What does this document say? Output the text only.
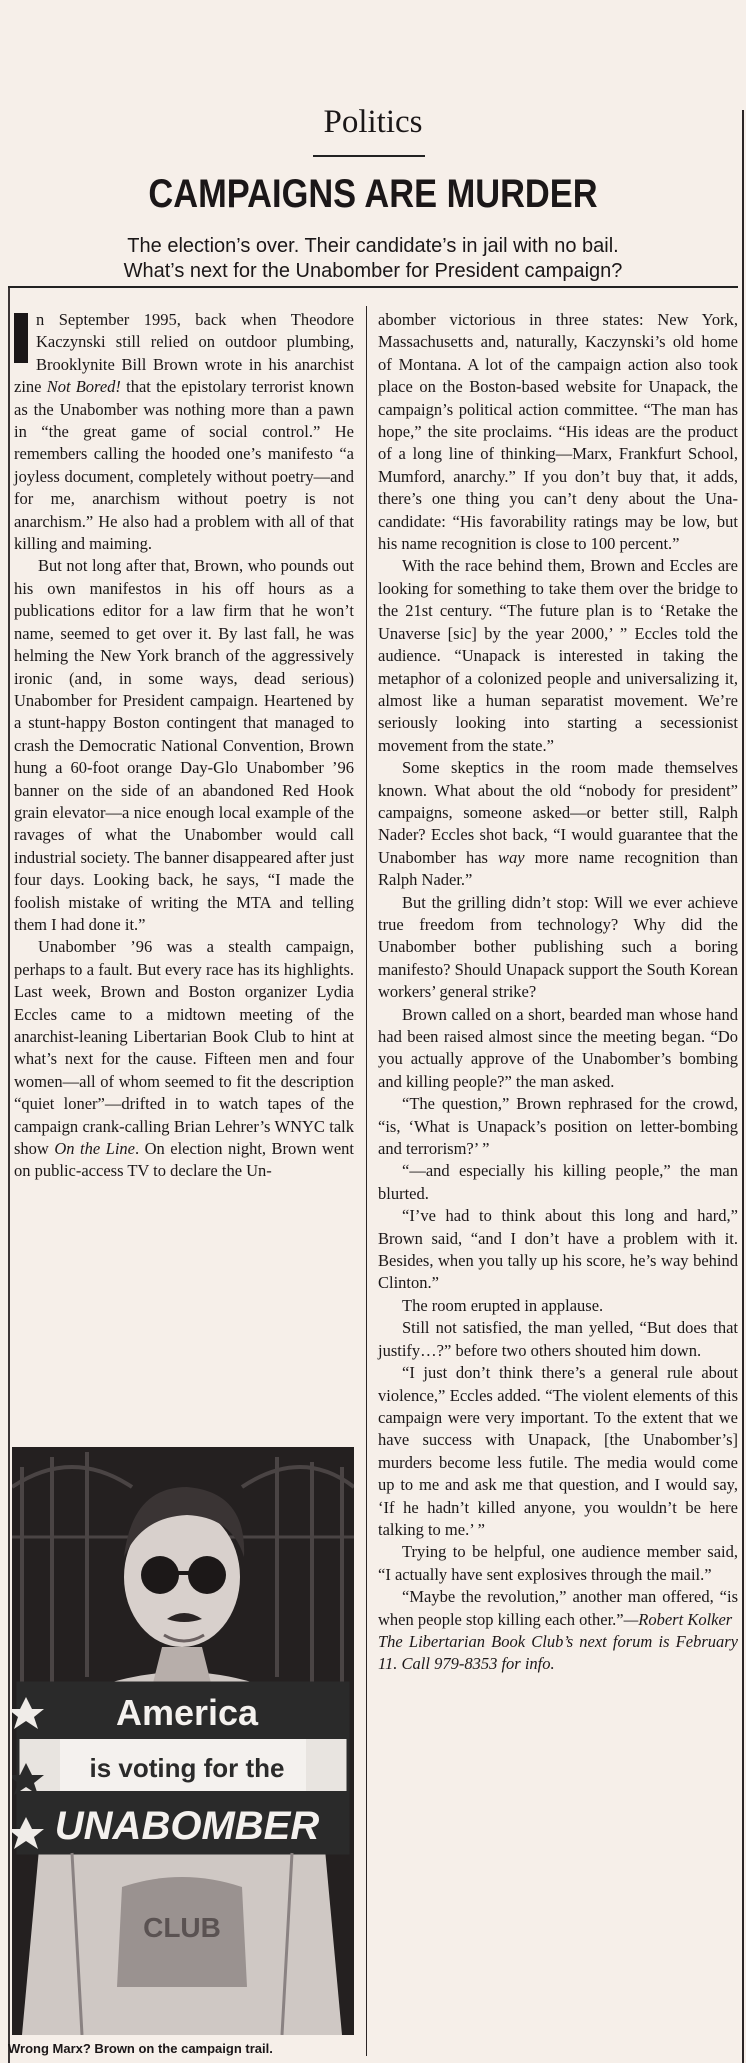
Politics
CAMPAIGNS ARE MURDER
The election’s over. Their candidate’s in jail with no bail.
What’s next for the Unabomber for President campaign?

n September 1995, back when Theodore Kaczynski still relied on outdoor plumbing, Brooklynite Bill Brown wrote in his anarchist zine Not Bored! that the epistolary terrorist known as the Unabomber was nothing more than a pawn in “the great game of social control.” He remembers calling the hooded one’s manifesto “a joyless document, completely without poetry—and for me, anarchism without poetry is not anarchism.” He also had a problem with all of that killing and maiming.

But not long after that, Brown, who pounds out his own manifestos in his off hours as a publications editor for a law firm that he won’t name, seemed to get over it. By last fall, he was helming the New York branch of the aggressively ironic (and, in some ways, dead serious) Unabomber for President campaign. Heartened by a stunt-happy Boston contingent that managed to crash the Democratic National Convention, Brown hung a 60-foot orange Day-Glo Unabomber ’96 banner on the side of an abandoned Red Hook grain elevator—a nice enough local example of the ravages of what the Unabomber would call industrial society. The banner disappeared after just four days. Looking back, he says, “I made the foolish mistake of writing the MTA and telling them I had done it.”

Unabomber ’96 was a stealth campaign, perhaps to a fault. But every race has its highlights. Last week, Brown and Boston organizer Lydia Eccles came to a midtown meeting of the anarchist-leaning Libertarian Book Club to hint at what’s next for the cause. Fifteen men and four women—all of whom seemed to fit the description “quiet loner”—drifted in to watch tapes of the campaign crank-calling Brian Lehrer’s WNYC talk show On the Line. On election night, Brown went on public-access TV to declare the Un-

America
is voting for the
UNABOMBER
CLUB
Wrong Marx? Brown on the campaign trail.

abomber victorious in three states: New York, Massachusetts and, naturally, Kaczynski’s old home of Montana. A lot of the campaign action also took place on the Boston-based website for Unapack, the campaign’s political action committee. “The man has hope,” the site proclaims. “His ideas are the product of a long line of thinking—Marx, Frankfurt School, Mumford, anarchy.” If you don’t buy that, it adds, there’s one thing you can’t deny about the Una-candidate: “His favorability ratings may be low, but his name recognition is close to 100 percent.”

With the race behind them, Brown and Eccles are looking for something to take them over the bridge to the 21st century. “The future plan is to ‘Retake the Unaverse [sic] by the year 2000,’ ” Eccles told the audience. “Unapack is interested in taking the metaphor of a colonized people and universalizing it, almost like a human separatist movement. We’re seriously looking into starting a secessionist movement from the state.”

Some skeptics in the room made themselves known. What about the old “nobody for president” campaigns, someone asked—or better still, Ralph Nader? Eccles shot back, “I would guarantee that the Unabomber has way more name recognition than Ralph Nader.”

But the grilling didn’t stop: Will we ever achieve true freedom from technology? Why did the Unabomber bother publishing such a boring manifesto? Should Unapack support the South Korean workers’ general strike?

Brown called on a short, bearded man whose hand had been raised almost since the meeting began. “Do you actually approve of the Unabomber’s bombing and killing people?” the man asked.

“The question,” Brown rephrased for the crowd, “is, ‘What is Unapack’s position on letter-bombing and terrorism?’ ”

“—and especially his killing people,” the man blurted.

“I’ve had to think about this long and hard,” Brown said, “and I don’t have a problem with it. Besides, when you tally up his score, he’s way behind Clinton.”

The room erupted in applause.

Still not satisfied, the man yelled, “But does that justify…?” before two others shouted him down.

“I just don’t think there’s a general rule about violence,” Eccles added. “The violent elements of this campaign were very important. To the extent that we have success with Unapack, [the Unabomber’s] murders become less futile. The media would come up to me and ask me that question, and I would say, ‘If he hadn’t killed anyone, you wouldn’t be here talking to me.’ ”

Trying to be helpful, one audience member said, “I actually have sent explosives through the mail.”

“Maybe the revolution,” another man offered, “is when people stop killing each other.”—Robert Kolker

The Libertarian Book Club’s next forum is February 11. Call 979-8353 for info.
